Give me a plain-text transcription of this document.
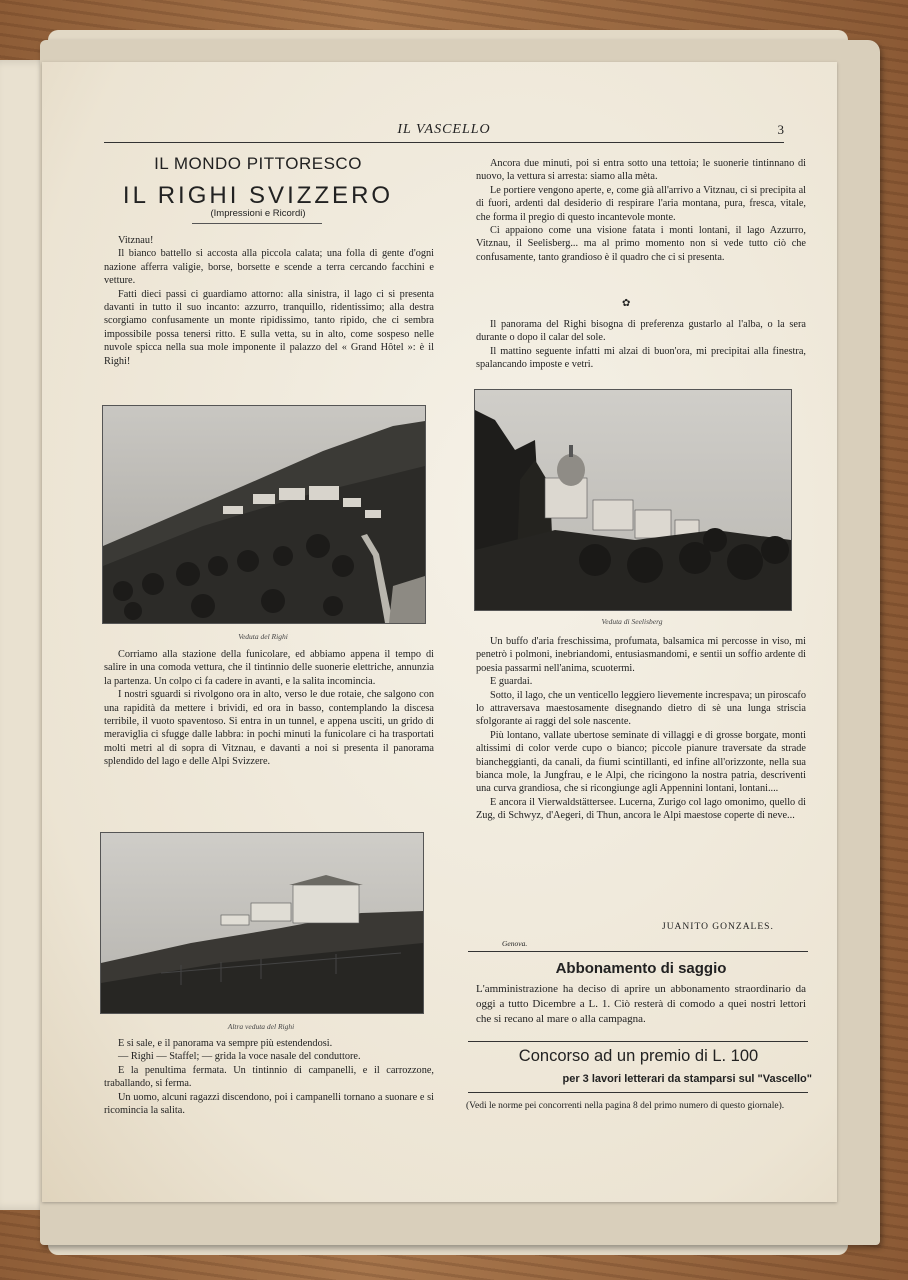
IL VASCELLO	3
IL MONDO PITTORESCO
IL RIGHI SVIZZERO
(Impressioni e Ricordi)

Vitznau!

Il bianco battello si accosta alla piccola calata; una folla di gente d'ogni nazione afferra valigie, borse, borsette e scende a terra cercando facchini e vetture.

Fatti dieci passi ci guardiamo attorno: alla sinistra, il lago ci si presenta davanti in tutto il suo incanto: azzurro, tranquillo, ridentissimo; alla destra scorgiamo confusamente un monte ripidissimo, tanto ripido, che ci sembra impossibile possa tenersi ritto. E sulla vetta, su in alto, come sospeso nelle nuvole spicca nella sua mole imponente il palazzo del « Grand Hôtel »: è il Righi!

Veduta del Righi

Corriamo alla stazione della funicolare, ed abbiamo appena il tempo di salire in una comoda vettura, che il tintinnio delle suonerie elettriche, annunzia la partenza. Un colpo ci fa cadere in avanti, e la salita incomincia.

I nostri sguardi si rivolgono ora in alto, verso le due rotaie, che salgono con una rapidità da mettere i brividi, ed ora in basso, contemplando la discesa terribile, il vuoto spaventoso. Si entra in un tunnel, e appena usciti, un grido di meraviglia ci sfugge dalle labbra: in pochi minuti la funicolare ci ha trasportati molti metri al di sopra di Vitznau, e davanti a noi si presenta il panorama splendido del lago e delle Alpi Svizzere.

Altra veduta del Righi

E si sale, e il panorama va sempre più estendendosi.

— Righi — Staffel; — grida la voce nasale del conduttore.

E la penultima fermata. Un tintinnio di campanelli, e il carrozzone, traballando, si ferma.

Un uomo, alcuni ragazzi discendono, poi i campanelli tornano a suonare e si ricomincia la salita.

Ancora due minuti, poi si entra sotto una tettoia; le suonerie tintinnano di nuovo, la vettura si arresta: siamo alla mèta.

Le portiere vengono aperte, e, come già all'arrivo a Vitznau, ci si precipita al di fuori, ardenti dal desiderio di respirare l'aria montana, pura, fresca, vitale, che forma il pregio di questo incantevole monte.

Ci appaiono come una visione fatata i monti lontani, il lago Azzurro, Vitznau, il Seelisberg... ma al primo momento non si vede tutto ciò che confusamente, tanto grandioso è il quadro che ci si presenta.

✿

Il panorama del Righi bisogna di preferenza gustarlo al l'alba, o la sera durante o dopo il calar del sole.

Il mattino seguente infatti mi alzai di buon'ora, mi precipitai alla finestra, spalancando imposte e vetri.

Veduta di Seelisberg

Un buffo d'aria freschissima, profumata, balsamica mi percosse in viso, mi penetrò i polmoni, inebriandomi, entusiasmandomi, e sentii un soffio ardente di poesia passarmi nell'anima, scuotermi.

E guardai.

Sotto, il lago, che un venticello leggiero lievemente increspava; un piroscafo lo attraversava maestosamente disegnando dietro di sè una lunga striscia sfolgorante ai raggi del sole nascente.

Più lontano, vallate ubertose seminate di villaggi e di grosse borgate, monti altissimi di color verde cupo o bianco; piccole pianure traversate da strade biancheggianti, da canali, da fiumi scintillanti, ed infine all'orizzonte, nella sua bianca mole, la Jungfrau, e le Alpi, che ricingono la nostra patria, descriventi una curva grandiosa, che si ricongiunge agli Appennini lontani, lontani....

E ancora il Vierwaldstättersee. Lucerna, Zurigo col lago omonimo, quello di Zug, di Schwyz, d'Aegeri, di Thun, ancora le Alpi maestose coperte di neve...

JUANITO GONZALES.
Genova.
Abbonamento di saggio
L'amministrazione ha deciso di aprire un abbonamento straordinario da oggi a tutto Dicembre a L. 1. Ciò resterà di comodo a quei nostri lettori che si recano al mare o alla campagna.
Concorso ad un premio di L. 100
per 3 lavori letterari da stamparsi sul "Vascello"
(Vedi le norme pei concorrenti nella pagina 8 del primo numero di questo giornale).
